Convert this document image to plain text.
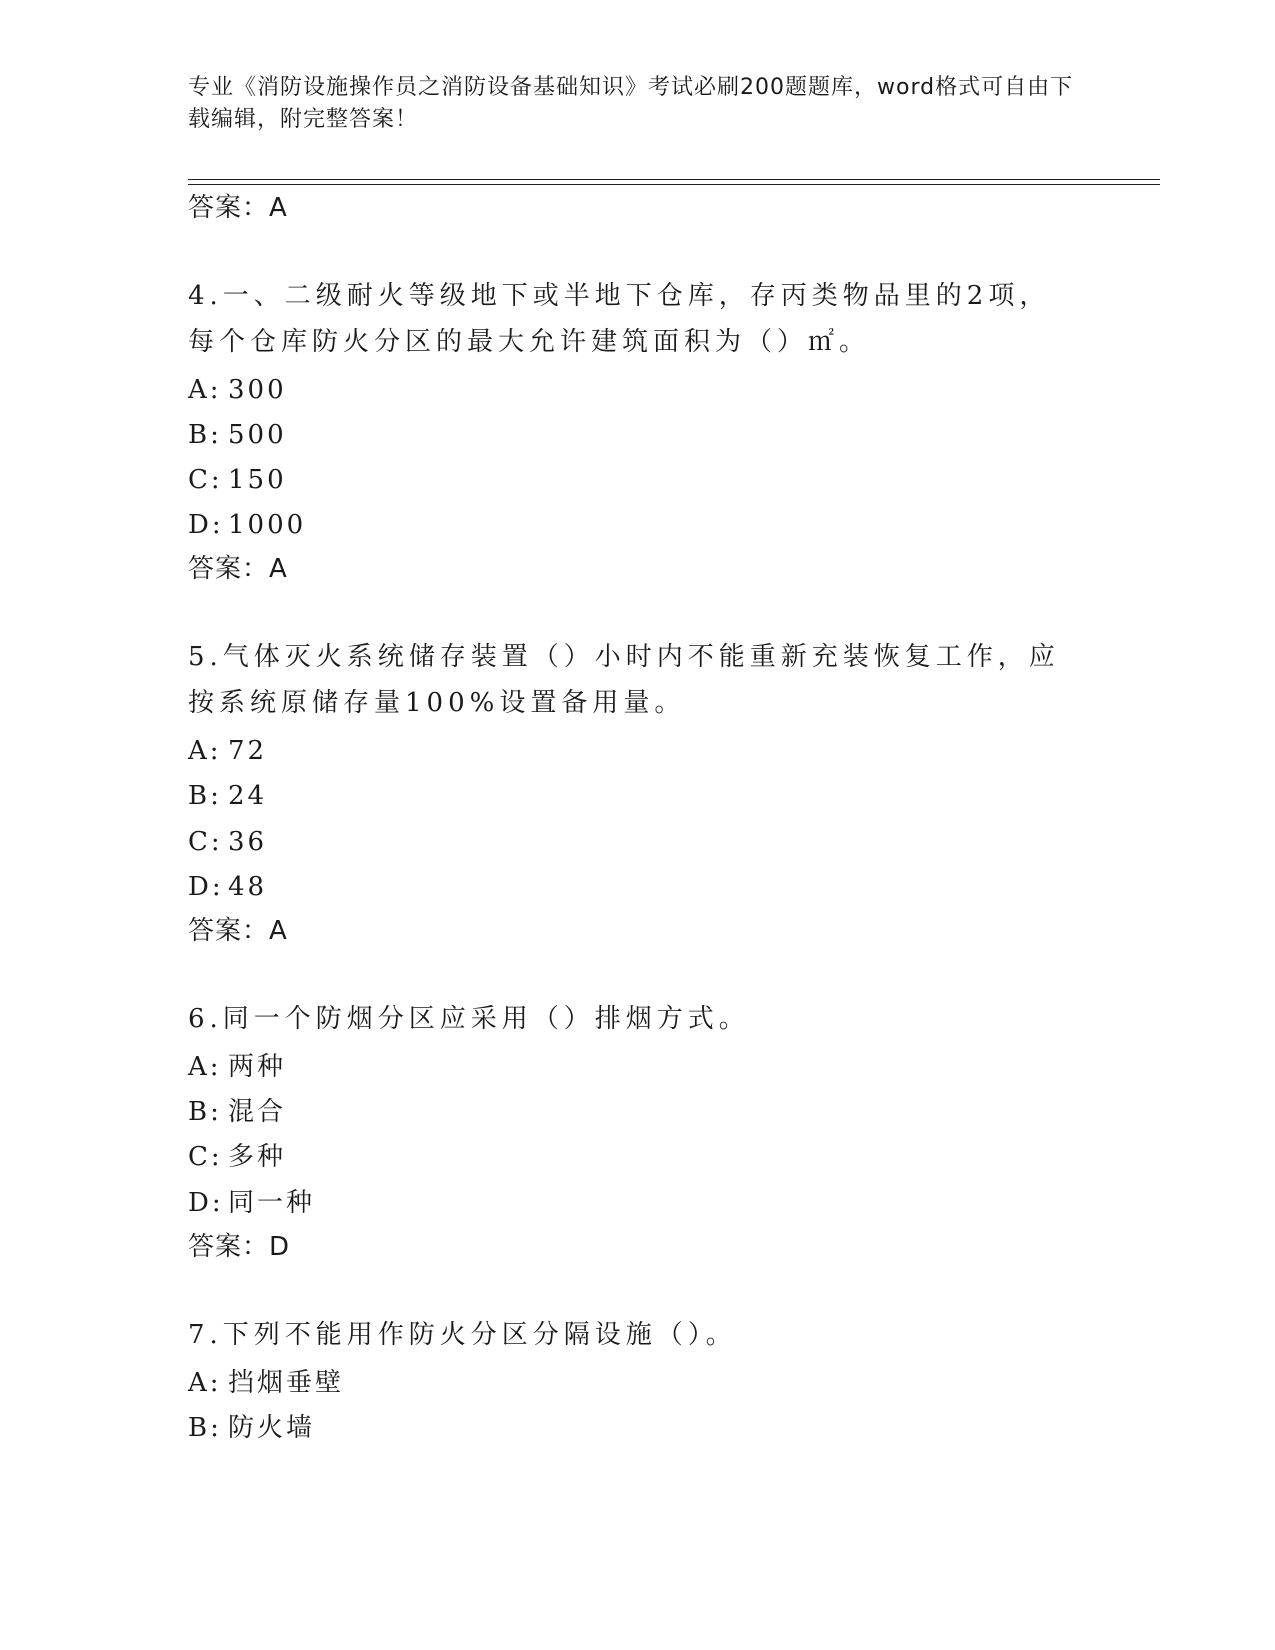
专业《消防设施操作员之消防设备基础知识》考试必刷200题题库，word格式可自由下载编辑，附完整答案！
答案：A
4.一、二级耐火等级地下或半地下仓库，存丙类物品里的2项，每个仓库防火分区的最大允许建筑面积为（）㎡。
A: 300
B: 500
C: 150
D: 1000
答案：A
5.气体灭火系统储存装置（）小时内不能重新充装恢复工作，应按系统原储存量100%设置备用量。
A: 72
B: 24
C: 36
D: 48
答案：A
6.同一个防烟分区应采用（）排烟方式。
A: 两种
B: 混合
C: 多种
D: 同一种
答案：D
7.下列不能用作防火分区分隔设施（）。
A: 挡烟垂壁
B: 防火墙
